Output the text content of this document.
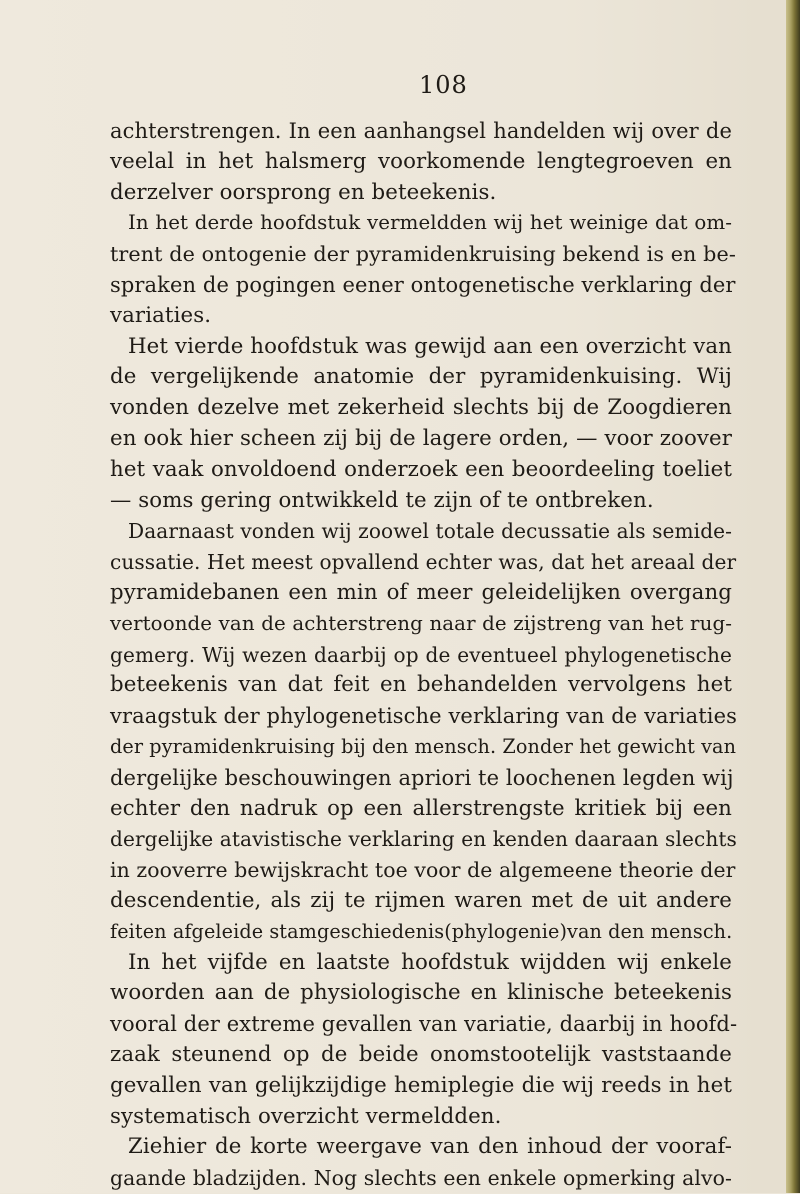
108
achterstrengen. In een aanhangsel handelden wij over de
veelal in het halsmerg voorkomende lengtegroeven en
derzelver oorsprong en beteekenis.
In het derde hoofdstuk vermeldden wij het weinige dat om-
trent de ontogenie der pyramidenkruising bekend is en be-
spraken de pogingen eener ontogenetische verklaring der
variaties.
Het vierde hoofdstuk was gewijd aan een overzicht van
de vergelijkende anatomie der pyramidenkuising. Wij
vonden dezelve met zekerheid slechts bij de Zoogdieren
en ook hier scheen zij bij de lagere orden, — voor zoover
het vaak onvoldoend onderzoek een beoordeeling toeliet
— soms gering ontwikkeld te zijn of te ontbreken.
Daarnaast vonden wij zoowel totale decussatie als semide-
cussatie. Het meest opvallend echter was, dat het areaal der
pyramidebanen een min of meer geleidelijken overgang
vertoonde van de achterstreng naar de zijstreng van het rug-
gemerg. Wij wezen daarbij op de eventueel phylogenetische
beteekenis van dat feit en behandelden vervolgens het
vraagstuk der phylogenetische verklaring van de variaties
der pyramidenkruising bij den mensch. Zonder het gewicht van
dergelijke beschouwingen apriori te loochenen legden wij
echter den nadruk op een allerstrengste kritiek bij een
dergelijke atavistische verklaring en kenden daaraan slechts
in zooverre bewijskracht toe voor de algemeene theorie der
descendentie, als zij te rijmen waren met de uit andere
feiten afgeleide stamgeschiedenis(phylogenie)van den mensch.
In het vijfde en laatste hoofdstuk wijdden wij enkele
woorden aan de physiologische en klinische beteekenis
vooral der extreme gevallen van variatie, daarbij in hoofd-
zaak steunend op de beide onomstootelijk vaststaande
gevallen van gelijkzijdige hemiplegie die wij reeds in het
systematisch overzicht vermeldden.
Ziehier de korte weergave van den inhoud der vooraf-
gaande bladzijden. Nog slechts een enkele opmerking alvo-
